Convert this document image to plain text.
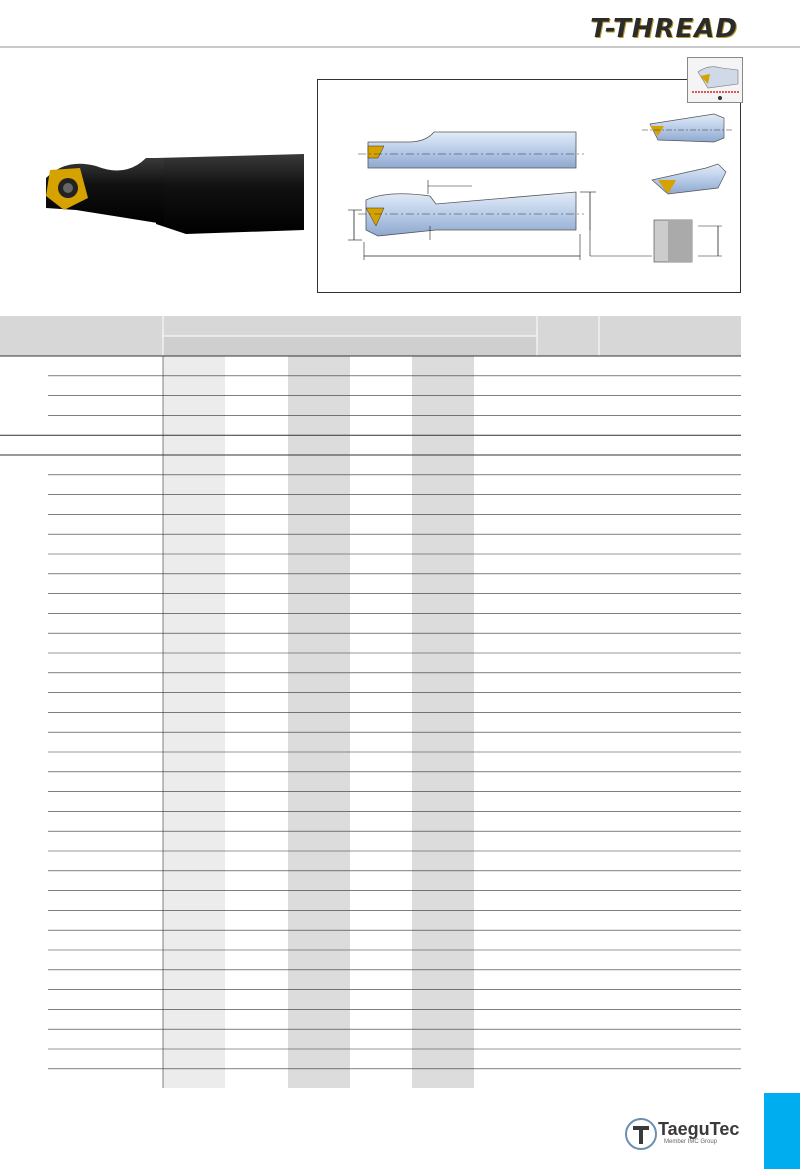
T-THREAD
TaeguTec
Member IMC Group
